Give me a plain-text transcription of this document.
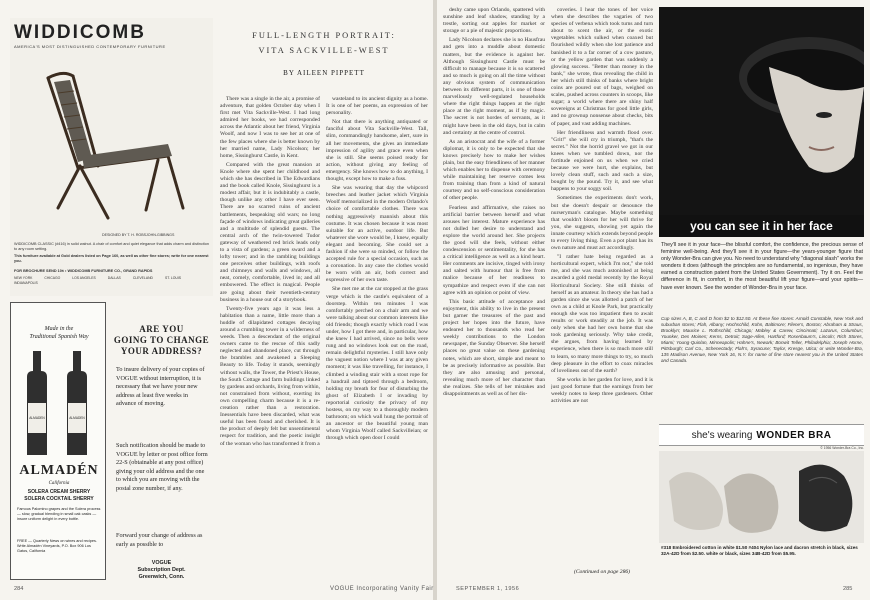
WIDDICOMB
AMERICA'S MOST DISTINGUISHED CONTEMPORARY FURNITURE
DESIGNED BY T. H. ROBSJOHN-GIBBINGS
WIDDICOMB CLASSIC (#416) in solid walnut. A chair of comfort and quiet elegance that adds charm and distinction to any room setting.
This furniture available at Gold dealers listed on Page 160, as well as other fine stores; write for one nearest you.
FOR BROCHURE SEND 10¢ • WIDDICOMB FURNITURE CO., GRAND RAPIDS
NEW YORK	CHICAGO	LOS ANGELES	DALLAS	CLEVELAND	ST. LOUIS
INDIANAPOLIS
Made in the
Traditional Spanish Way
ALMADEN	ALMADEN
ALMADÉN
California
SOLERA CREAM SHERRY
SOLERA COCKTAIL SHERRY
Famous Palomino grapes and the Solera process — slow, gradual blending in small oak casks — insure uniform delight in every bottle.
FREE — Quarterly News on wines and recipes. Write Almadén Vineyards, P.O. Box 906 Los Gatos, California
ARE YOU
GOING TO CHANGE
YOUR ADDRESS?
To insure delivery of your copies of VOGUE without interruption, it is necessary that we have your new address at least five weeks in advance of moving.
Such notification should be made to VOGUE by letter or post office form 22-S (obtainable at any post office) giving your old address and the one to which you are moving with the postal zone number, if any.
Forward your change of address as early as possible to
VOGUE
Subscription Dept.
Greenwich, Conn.
FULL-LENGTH PORTRAIT:
VITA SACKVILLE-WEST
BY AILEEN PIPPETT

There was a single in the air, a promise of adventure, that golden October day when I first met Vita Sackville-West. I had long admired her books, we had corresponded across the Atlantic about her friend, Virginia Woolf, and now I was to see her at one of the few places where she is better known by her married name, Lady Nicolson; her home, Sissinghurst Castle, in Kent.

Compared with the great mansion at Knole where she spent her childhood and which she has described in The Edwardians and the book called Knole, Sissinghurst is a modest affair, but it is indubitably a castle, though unlike any other I have ever seen. There are no scarred ruins of ancient battlements, bespeaking old wars; no long façade of windows indicating great galleries and a multitude of splendid guests. The central arch of the twin-towered Tudor gateway of weathered red brick leads only to a vista of gardens; a green sward and a lofty tower; and in the rambling buildings one perceives other buildings, with roofs and chimneys and walls and windows, all neat, comely, comfortable, lived in; and all embowered. The effect is magical. People are going about their twentieth-century business in a house out of a storybook.

Twenty-five years ago it was less a habitation than a name, little more than a huddle of dilapidated cottages decaying around a crumbling tower in a wilderness of weeds. Then a descendant of the original owners came to the rescue of this sadly neglected and abandoned place, cut through the brambles and awakened a Sleeping Beauty to life. Today it stands, seemingly without walls, the Tower, the Priest's House, the South Cottage and farm buildings linked by gardens and orchards, living from within, not constrained from without, exerting its own compelling charm because it is a re-creation rather than a restoration. Inessentials have been discarded, what was useful has been found and cherished. It is the product of deeply felt but unsentimental respect for tradition, and the poetic insight of the woman who has transformed it from a

wasteland to its ancient dignity as a home. It is one of her poems, an expression of her personality.

Not that there is anything antiquated or fanciful about Vita Sackville-West. Tall, slim, commandingly handsome, alert, sure in all her movements, she gives an immediate impression of agility and grace even when she is still. She seems poised ready for action, without giving any feeling of emergency. She knows how to do anything, I thought, except how to make a fuss.

She was wearing that day the whipcord breeches and leather jacket which Virginia Woolf memorialized in the modern Orlando's choice of comfortable clothes. There was nothing aggressively mannish about this costume. It was chosen because it was most suitable for an active, outdoor life. But whatever she wore would be, I knew, equally elegant and becoming. She could set a fashion if she were so minded, or follow the accepted rule for a special occasion, such as a coronation. In any case the clothes would be worn with an air, both correct and expressive of her own taste.

She met me at the car stopped at the grass verge which is the castle's equivalent of a doorstep. Within ten minutes I was comfortably perched on a chair arm and we were talking about our common interests like old friends; though exactly which road I was under, how I got there and, in particular, how she knew I had arrived, since no bells were rung and no windows look out on the road, remain delightful mysteries. I still have only the vaguest notion where I was at any given moment; it was like travelling, for instance, I climbed a winding stair with a stout rope for a handrail and tiptoed through a bedroom, holding my breath for fear of disturbing the ghost of Elizabeth I or invading by reportorial curiosity the privacy of my hostess, on my way to a thoroughly modern bathroom; on which wall hung the portrait of an ancestor or the beautiful young man whom Virginia Woolf called Sackvilleian; or through which open door I could

deshy came upon Orlando, spattered with sunshine and leaf shadow, standing by a trestle, sorting out apples for market or storage or a pie of majestic proportions.

Lady Nicolson declares she is no Hausfrau and gets into a muddle about domestic matters, but the evidence is against her. Although Sissinghurst Castle must be difficult to manage because it is so scattered and so much is going on all the time without any obvious system of communication between its different parts, it is one of those marvellously well-regulated households where the right things happen at the right place at the right moment, as if by magic. The secret is not hordes of servants, as it might have been in the old days, but in calm and certainty at the centre of control.

As an aristocrat and the wife of a former diplomat, it is only to be expected that she knows precisely how to make her wishes plain, but the easy friendliness of her manner which enables her to dispense with ceremony while maintaining her reserve comes less from training than from a kind of natural courtesy and no self-conscious consideration of other people.

Fearless and affirmative, she raises no artificial barrier between herself and what arouses her interest. Mature experience has not dulled her desire to understand and explore the world around her. She projects the good will she feels, without either condescension or sentimentality, for she has a critical intelligence as well as a kind heart. Her comments are incisive, tinged with irony and salted with humour that is free from malice because of her readiness to sympathize and respect even if she can not agree with an opinion or point of view.

This basic attitude of acceptance and enjoyment, this ability to live in the present but garner the treasures of the past and project her hopes into the future, have endeared her to thousands who read her weekly contributions to the London newspaper, the Sunday Observer. She herself places no great value on these gardening notes, which are short, simple and meant to be as precisely informative as possible. But they are also amusing and personal, revealing much more of her character than she realizes. She tells of her mistakes and disappointments as well as of her dis-

coveries. I hear the tones of her voice when she describes the vagaries of two species of verbena which took turns and turn about to scent the air, or the exotic vegetables which sulked when coaxed but flourished wildly when she lost patience and banished it to a far corner of a cow pasture, or the yellow garden that was suddenly a glowing success. "Better than money in the bank," she wrote, thus revealing the child in her which still thinks of banks where bright coins are poured out of bags, weighed on scales, pushed across counters in scoops, like sugar; a world where there are shiny half sovereigns at Christmas for good little girls, and no grownup nonsense about checks, bits of paper, and vast adding machines.

Her friendliness and warmth flood over. "Grit!" she will cry in triumph, "that's the secret." Not the horrid gravel we got in our knees when we tumbled down, nor the fortitude enjoined on us when we cried because we were hurt, she explains, but lovely clean stuff, such and such a size, bought by the pound. Try it, and see what happens to your soggy soil.

Sometimes the experiments don't work, but she doesn't despair or denounce the nurseryman's catalogue. Maybe something that wouldn't bloom for her will thrive for you, she suggests, showing yet again the innate courtesy which extends beyond people to every living thing. Even a pot plant has its own nature and must act accordingly.

"I rather hate being regarded as a horticultural expert, which I'm not," she told me, and she was much astonished at being awarded a gold medal recently by the Royal Horticultural Society. She still thinks of herself as an amateur. In theory she has had a garden since she was allotted a patch of her own as a child at Knole Park, but practically enough she was too impatient then to await results or work steadily at the job. It was only when she had her own home that she took gardening seriously. Why take credit, she argues, from having learned by experience, when there is so much more still to learn, so many more things to try, so much deep pleasure in the effort to coax miracles of loveliness out of the earth?

She works in her garden for love, and it is just good fortune that the earnings from her weekly notes to keep three gardeners. Other activities are not

(Continued on page 286)
you can see it in her face
They'll see it in your face—the blissful comfort, the confidence, the precious sense of feminine well-being. And they'll see it in your figure—the years-younger figure that only Wonder-Bra can give you. No need to understand why "diagonal slash" works the wonders it does (although the principles are so fundamental, so ingenious, they have earned a construction patent from the United States Government). Try it on. Feel the difference in fit, in comfort, in the most beautiful lift your figure—and your spirits—have ever known. See the wonder of Wonder-Bra in your face.
Cup sizes A, B, C and D from $2 to $12.50. At these fine stores: Arnold Constable, New York and suburban stores; Flah, Albany; Hochschild, Kohn, Baltimore; Filene's, Boston; Abraham & Straus, Brooklyn; Maurice L. Rothschild, Chicago; Mabley & Carew, Cincinnati; Lazarus, Columbus; Younker, Des Moines; Kerns, Detroit; Sage-Allen, Hartford; Rosenbaum's, Lincoln; Rich Stores, Miami; Young-Quinlan, Minneapolis; Hahne's, Newark; Bonwit Teller, Philadelphia; Joseph Horne, Pittsburgh; Carl Co., Schenectady; Flah's, Syracuse; Taylor, Kresge, Utica; or write Wonder-Bra, 135 Madison Avenue, New York 16, N.Y. for name of fine store nearest you in the United States and Canada.
she's wearing WONDER BRA
© 1956 Wonder-Bra Co., Inc.
#318 Embroidered cotton in white $1.50 #404 Nylon lace and dacron stretch in black, sizes 32A-42D from $2.50. white or black, sizes 34B-42D from $5.95.
284	VOGUE Incorporating Vanity Fair	SEPTEMBER 1, 1956	285
